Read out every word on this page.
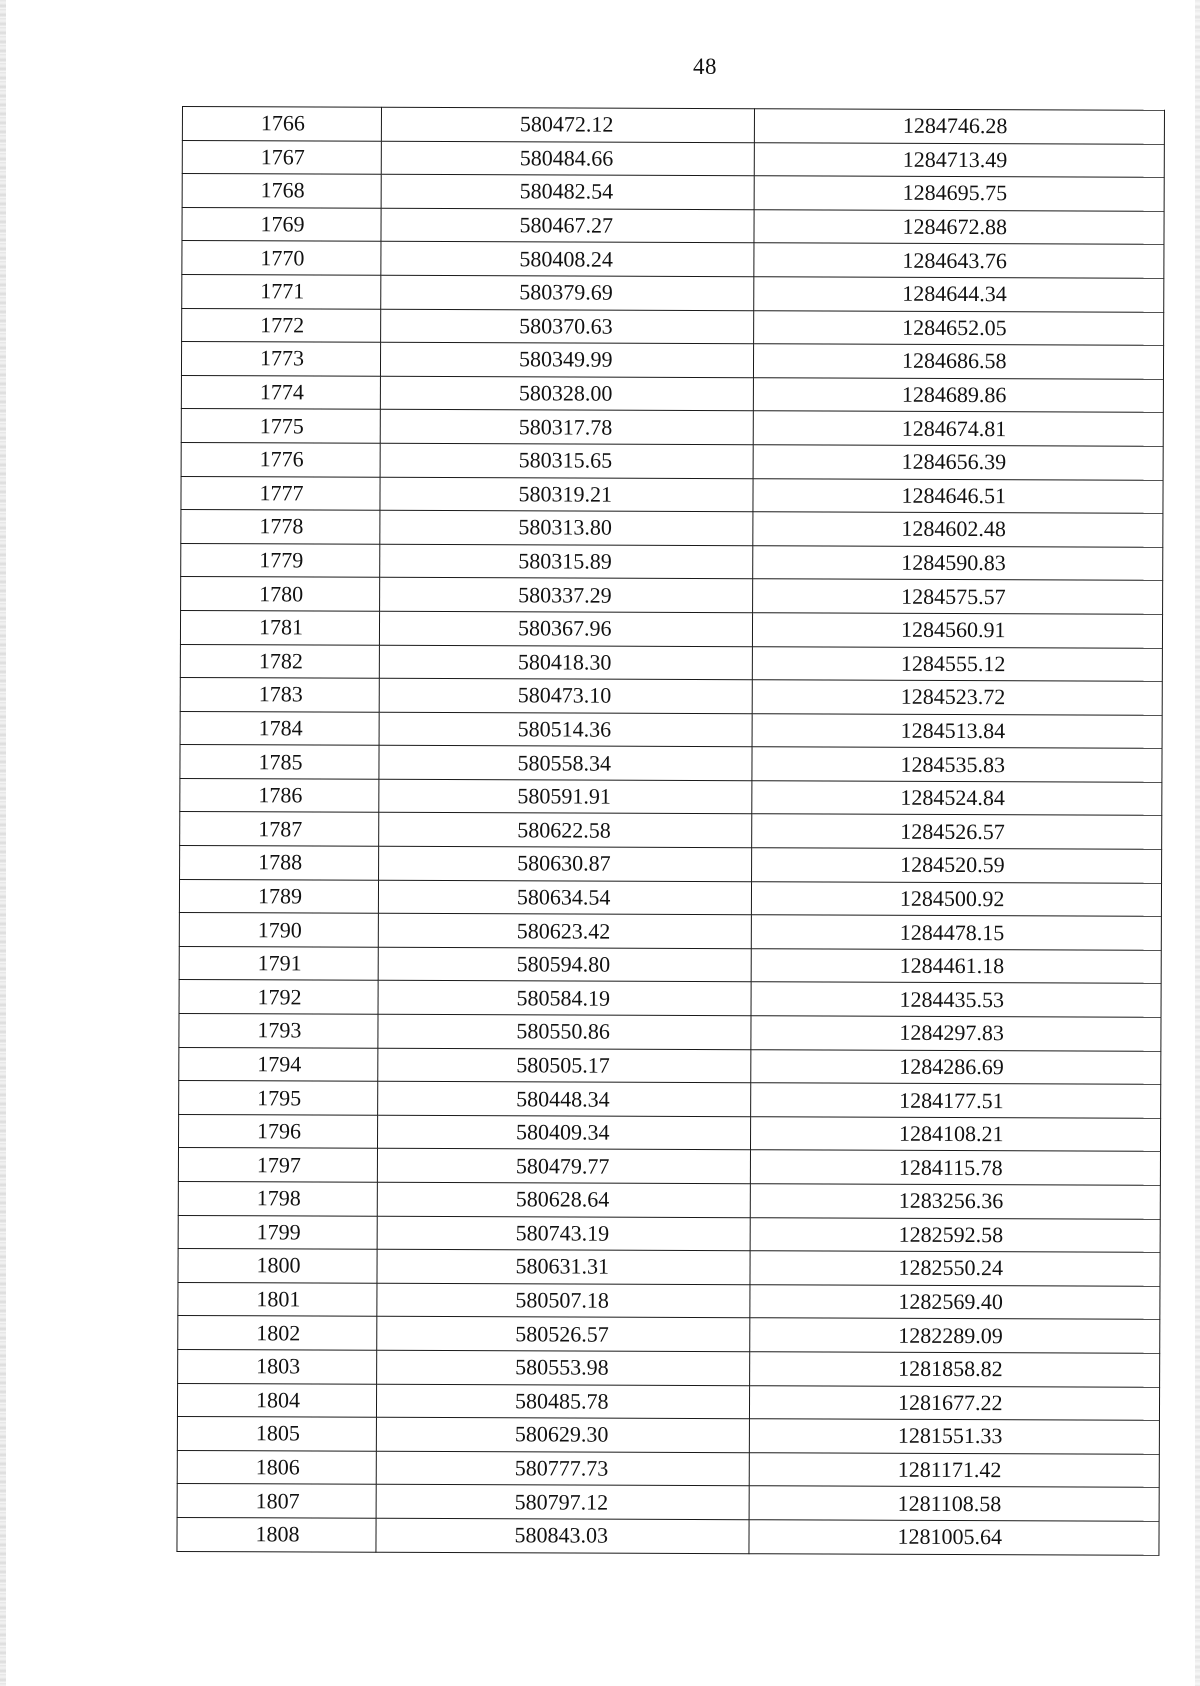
48
1766	580472.12	1284746.28
1767	580484.66	1284713.49
1768	580482.54	1284695.75
1769	580467.27	1284672.88
1770	580408.24	1284643.76
1771	580379.69	1284644.34
1772	580370.63	1284652.05
1773	580349.99	1284686.58
1774	580328.00	1284689.86
1775	580317.78	1284674.81
1776	580315.65	1284656.39
1777	580319.21	1284646.51
1778	580313.80	1284602.48
1779	580315.89	1284590.83
1780	580337.29	1284575.57
1781	580367.96	1284560.91
1782	580418.30	1284555.12
1783	580473.10	1284523.72
1784	580514.36	1284513.84
1785	580558.34	1284535.83
1786	580591.91	1284524.84
1787	580622.58	1284526.57
1788	580630.87	1284520.59
1789	580634.54	1284500.92
1790	580623.42	1284478.15
1791	580594.80	1284461.18
1792	580584.19	1284435.53
1793	580550.86	1284297.83
1794	580505.17	1284286.69
1795	580448.34	1284177.51
1796	580409.34	1284108.21
1797	580479.77	1284115.78
1798	580628.64	1283256.36
1799	580743.19	1282592.58
1800	580631.31	1282550.24
1801	580507.18	1282569.40
1802	580526.57	1282289.09
1803	580553.98	1281858.82
1804	580485.78	1281677.22
1805	580629.30	1281551.33
1806	580777.73	1281171.42
1807	580797.12	1281108.58
1808	580843.03	1281005.64
